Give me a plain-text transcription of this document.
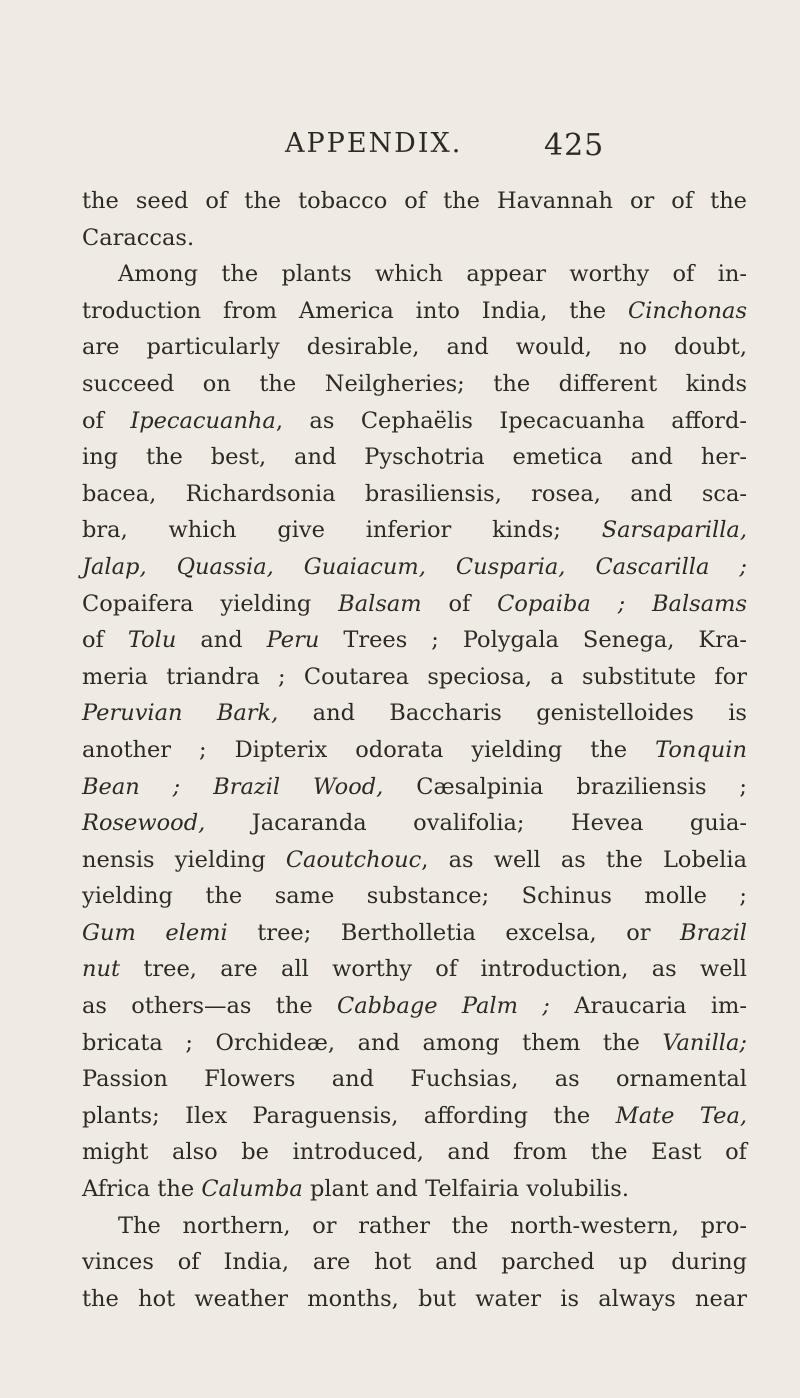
APPENDIX.	425
the seed of the tobacco of the Havannah or of the
Caraccas.
Among the plants which appear worthy of in-
troduction from America into India, the Cinchonas
are particularly desirable, and would, no doubt,
succeed on the Neilgheries; the different kinds
of Ipecacuanha, as Cephaëlis Ipecacuanha afford-
ing the best, and Pyschotria emetica and her-
bacea, Richardsonia brasiliensis, rosea, and sca-
bra, which give inferior kinds; Sarsaparilla,
Jalap, Quassia, Guaiacum, Cusparia, Cascarilla ;
Copaifera yielding Balsam of Copaiba ; Balsams
of Tolu and Peru Trees ; Polygala Senega, Kra-
meria triandra ; Coutarea speciosa, a substitute for
Peruvian Bark, and Baccharis genistelloides is
another ; Dipterix odorata yielding the Tonquin
Bean ; Brazil Wood, Cæsalpinia braziliensis ;
Rosewood, Jacaranda ovalifolia; Hevea guia-
nensis yielding Caoutchouc, as well as the Lobelia
yielding the same substance; Schinus molle ;
Gum elemi tree; Bertholletia excelsa, or Brazil
nut tree, are all worthy of introduction, as well
as others—as the Cabbage Palm ; Araucaria im-
bricata ; Orchideæ, and among them the Vanilla;
Passion Flowers and Fuchsias, as ornamental
plants; Ilex Paraguensis, affording the Mate Tea,
might also be introduced, and from the East of
Africa the Calumba plant and Telfairia volubilis.
The northern, or rather the north-western, pro-
vinces of India, are hot and parched up during
the hot weather months, but water is always near
